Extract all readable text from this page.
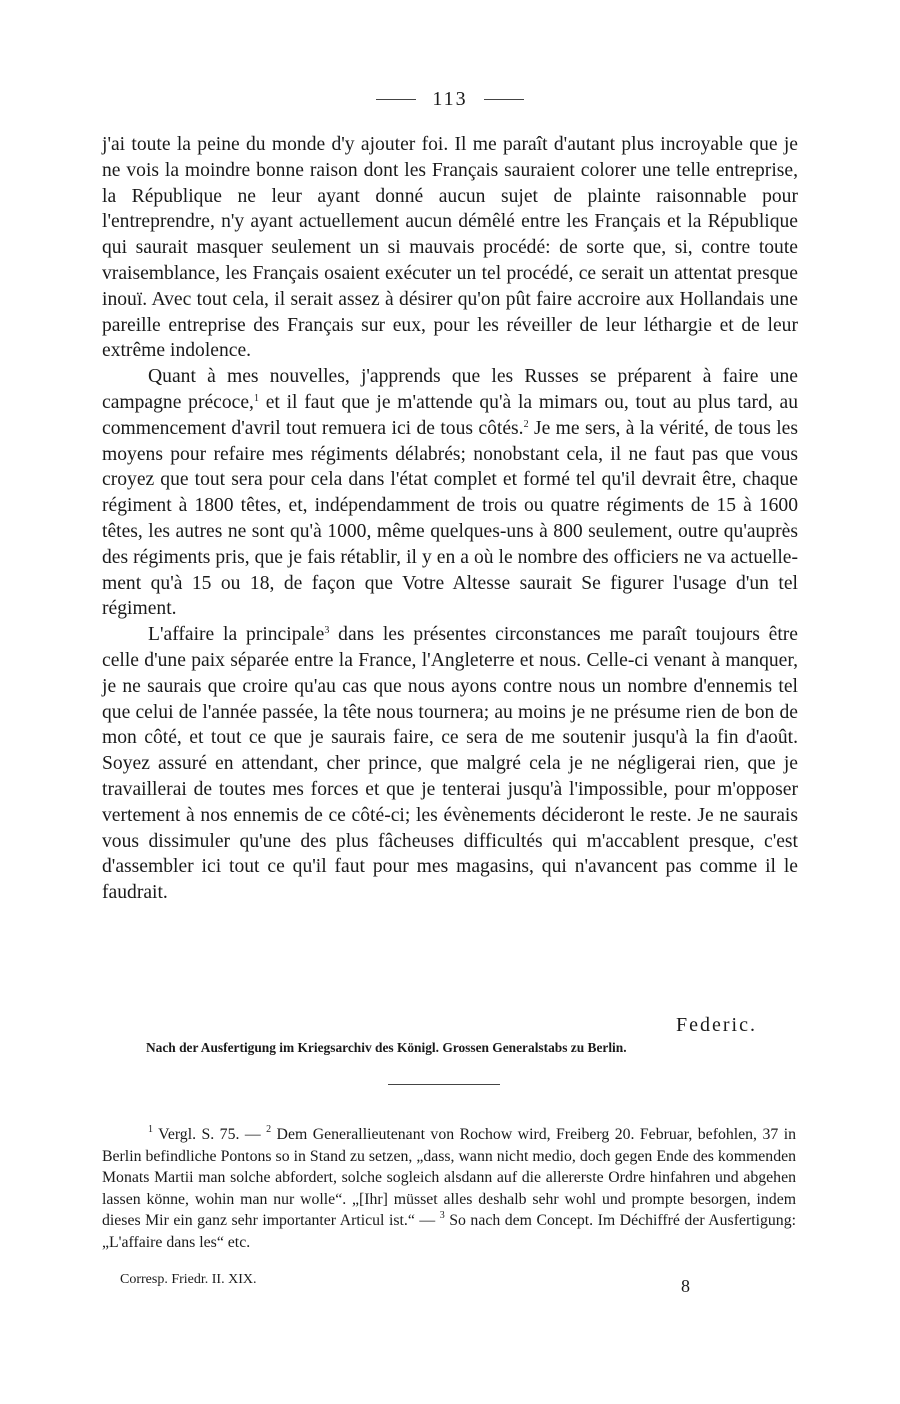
113

j'ai toute la peine du monde d'y ajouter foi. Il me paraît d'autant plus incroyable que je ne vois la moindre bonne raison dont les Français sauraient colorer une telle entreprise, la République ne leur ayant donné aucun sujet de plainte raisonnable pour l'entreprendre, n'y ayant actuellement aucun démêlé entre les Français et la République qui saurait masquer seulement un si mauvais procédé: de sorte que, si, contre toute vraisemblance, les Français osaient exécuter un tel procédé, ce serait un attentat presque inouï. Avec tout cela, il serait assez à désirer qu'on pût faire accroire aux Hollandais une pareille entreprise des Français sur eux, pour les réveiller de leur léthargie et de leur extrême indolence.

Quant à mes nouvelles, j'apprends que les Russes se préparent à faire une campagne précoce,$^1$ et il faut que je m'attende qu'à la mimars ou, tout au plus tard, au commencement d'avril tout remuera ici de tous côtés.$^2$ Je me sers, à la vérité, de tous les moyens pour refaire mes régiments délabrés; nonobstant cela, il ne faut pas que vous croyez que tout sera pour cela dans l'état complet et formé tel qu'il devrait être, chaque régiment à 1800 têtes, et, indépendamment de trois ou quatre régiments de 15 à 1600 têtes, les autres ne sont qu'à 1000, même quelques-uns à 800 seulement, outre qu'auprès des régiments pris, que je fais rétablir, il y en a où le nombre des officiers ne va actuellement qu'à 15 ou 18, de façon que Votre Altesse saurait Se figurer l'usage d'un tel régiment.

L'affaire la principale$^3$ dans les présentes circonstances me paraît toujours être celle d'une paix séparée entre la France, l'Angleterre et nous. Celle-ci venant à manquer, je ne saurais que croire qu'au cas que nous ayons contre nous un nombre d'ennemis tel que celui de l'année passée, la tête nous tournera; au moins je ne présume rien de bon de mon côté, et tout ce que je saurais faire, ce sera de me soutenir jusqu'à la fin d'août. Soyez assuré en attendant, cher prince, que malgré cela je ne négligerai rien, que je travaillerai de toutes mes forces et que je tenterai jusqu'à l'impossible, pour m'opposer vertement à nos ennemis de ce côté-ci; les évènements décideront le reste. Je ne saurais vous dissimuler qu'une des plus fâcheuses difficultés qui m'accablent presque, c'est d'assembler ici tout ce qu'il faut pour mes magasins, qui n'avancent pas comme il le faudrait.

Federic.
Nach der Ausfertigung im Kriegsarchiv des Königl. Grossen Generalstabs zu Berlin.

$^1$ Vergl. S. 75. — $^2$ Dem Generallieutenant von Rochow wird, Freiberg 20. Februar, befohlen, 37 in Berlin befindliche Pontons so in Stand zu setzen, „dass, wann nicht medio, doch gegen Ende des kommenden Monats Martii man solche abfordert, solche sogleich alsdann auf die allererste Ordre hinfahren und abgehen lassen könne, wohin man nur wolle“. „[Ihr] müsset alles deshalb sehr wohl und prompte besorgen, indem dieses Mir ein ganz sehr importanter Articul ist.“ — $^3$ So nach dem Concept. Im Déchiffré der Ausfertigung: „L'affaire dans les“ etc.

Corresp. Friedr. II. XIX.	8
